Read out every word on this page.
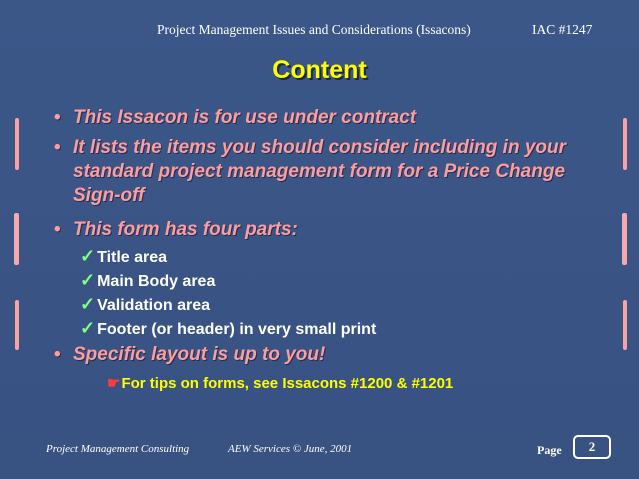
Project Management Issues and Considerations (Issacons)	IAC #1247
Content
• This Issacon is for use under contract
• It lists the items you should consider including in your standard project management form for a Price Change Sign-off
• This form has four parts:
✓ Title area
✓ Main Body area
✓ Validation area
✓ Footer (or header) in very small print
• Specific layout is up to you!
☛For tips on forms, see Issacons #1200 & #1201
Project Management Consulting	AEW Services © June, 2001	Page	2
